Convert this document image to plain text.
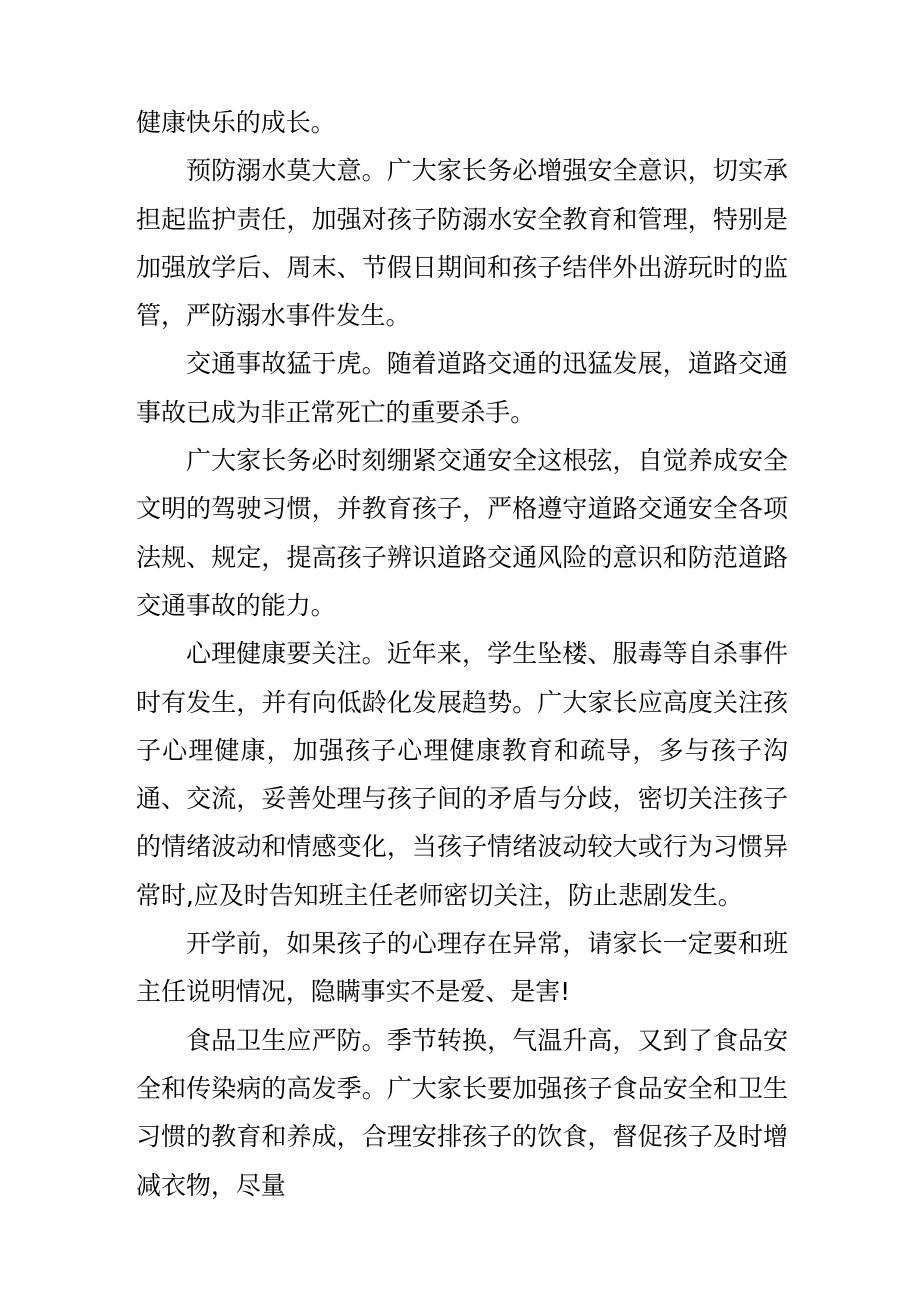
健康快乐的成长。

预防溺水莫大意。广大家长务必增强安全意识，切实承担起监护责任，加强对孩子防溺水安全教育和管理，特别是加强放学后、周末、节假日期间和孩子结伴外出游玩时的监管，严防溺水事件发生。

交通事故猛于虎。随着道路交通的迅猛发展，道路交通事故已成为非正常死亡的重要杀手。

广大家长务必时刻绷紧交通安全这根弦，自觉养成安全文明的驾驶习惯，并教育孩子，严格遵守道路交通安全各项法规、规定，提高孩子辨识道路交通风险的意识和防范道路交通事故的能力。

心理健康要关注。近年来，学生坠楼、服毒等自杀事件时有发生，并有向低龄化发展趋势。广大家长应高度关注孩子心理健康，加强孩子心理健康教育和疏导，多与孩子沟通、交流，妥善处理与孩子间的矛盾与分歧，密切关注孩子的情绪波动和情感变化，当孩子情绪波动较大或行为习惯异常时,应及时告知班主任老师密切关注，防止悲剧发生。

开学前，如果孩子的心理存在异常，请家长一定要和班主任说明情况，隐瞒事实不是爱、是害!

食品卫生应严防。季节转换，气温升高，又到了食品安全和传染病的高发季。广大家长要加强孩子食品安全和卫生习惯的教育和养成，合理安排孩子的饮食，督促孩子及时增减衣物，尽量
